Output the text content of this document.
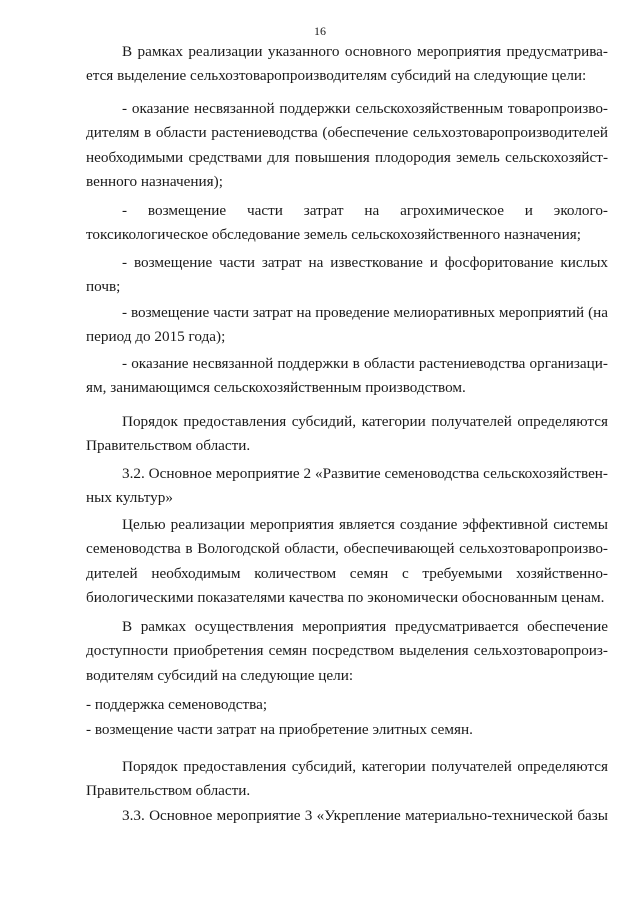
16
В рамках реализации указанного основного мероприятия предусматрива-
ется выделение сельхозтоваропроизводителям субсидий на следующие цели:
- оказание несвязанной поддержки сельскохозяйственным товаропроизво-
дителям в области растениеводства (обеспечение сельхозтоваропроизводителей
необходимыми средствами для повышения плодородия земель сельскохозяйст-
венного назначения);
- возмещение части затрат на агрохимическое и эколого-
токсикологическое обследование земель сельскохозяйственного назначения;
- возмещение части затрат на известкование и фосфоритование кислых
почв;
- возмещение части затрат на проведение мелиоративных мероприятий (на
период до 2015 года);
- оказание несвязанной поддержки в области растениеводства организаци-
ям, занимающимся сельскохозяйственным производством.
Порядок предоставления субсидий, категории получателей определяются
Правительством области.
3.2. Основное мероприятие 2 «Развитие семеноводства сельскохозяйствен-
ных культур»
Целью реализации мероприятия является создание эффективной системы
семеноводства в Вологодской области, обеспечивающей сельхозтоваропроизво-
дителей необходимым количеством семян с требуемыми хозяйственно-
биологическими показателями качества по экономически обоснованным ценам.
В рамках осуществления мероприятия предусматривается обеспечение
доступности приобретения семян посредством выделения сельхозтоваропроиз-
водителям субсидий на следующие цели:
- поддержка семеноводства;
- возмещение части затрат на приобретение элитных семян.
Порядок предоставления субсидий, категории получателей определяются
Правительством области.
3.3. Основное мероприятие 3 «Укрепление материально-технической базы
